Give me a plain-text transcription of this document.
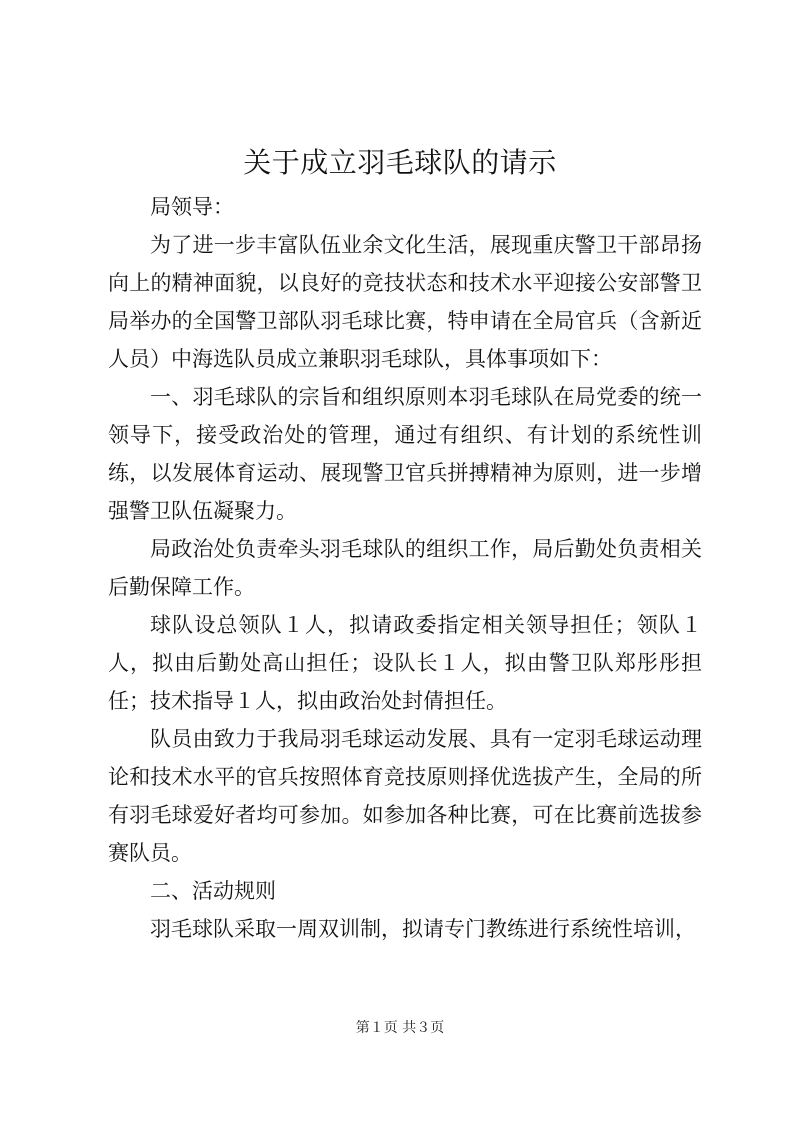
关于成立羽毛球队的请示

局领导：

为了进一步丰富队伍业余文化生活，展现重庆警卫干部昂扬向上的精神面貌，以良好的竞技状态和技术水平迎接公安部警卫局举办的全国警卫部队羽毛球比赛，特申请在全局官兵（含新近人员）中海选队员成立兼职羽毛球队，具体事项如下：

一、羽毛球队的宗旨和组织原则本羽毛球队在局党委的统一领导下，接受政治处的管理，通过有组织、有计划的系统性训练，以发展体育运动、展现警卫官兵拼搏精神为原则，进一步增强警卫队伍凝聚力。

局政治处负责牵头羽毛球队的组织工作，局后勤处负责相关后勤保障工作。

球队设总领队１人，拟请政委指定相关领导担任；领队１人，拟由后勤处高山担任；设队长１人，拟由警卫队郑彤彤担任；技术指导１人，拟由政治处封倩担任。

队员由致力于我局羽毛球运动发展、具有一定羽毛球运动理论和技术水平的官兵按照体育竞技原则择优选拔产生，全局的所有羽毛球爱好者均可参加。如参加各种比赛，可在比赛前选拔参赛队员。

二、活动规则

羽毛球队采取一周双训制，拟请专门教练进行系统性培训，

第１页 共３页
